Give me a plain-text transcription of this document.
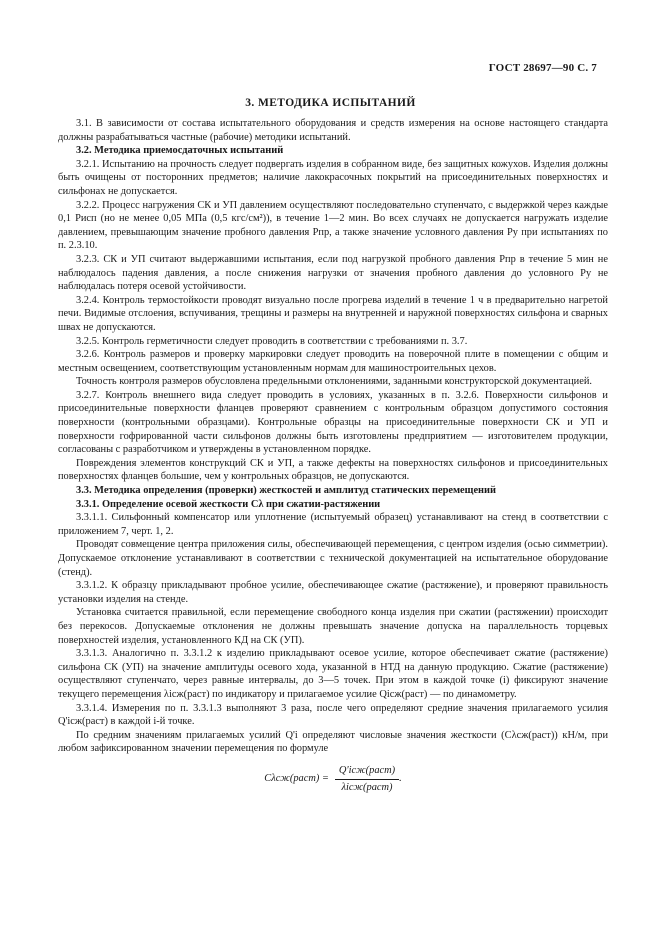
ГОСТ 28697—90 С. 7
3. МЕТОДИКА ИСПЫТАНИЙ

3.1. В зависимости от состава испытательного оборудования и средств измерения на основе настоящего стандарта должны разрабатываться частные (рабочие) методики испытаний.

3.2. Методика приемосдаточных испытаний

3.2.1. Испытанию на прочность следует подвергать изделия в собранном виде, без защитных кожухов. Изделия должны быть очищены от посторонних предметов; наличие лакокрасочных покрытий на присоединительных поверхностях и сильфонах не допускается.

3.2.2. Процесс нагружения СК и УП давлением осуществляют последовательно ступенчато, с выдержкой через каждые 0,1 Pисп (но не менее 0,05 МПа (0,5 кгс/см²)), в течение 1—2 мин. Во всех случаях не допускается нагружать изделие давлением, превышающим значение пробного давления Pпр, а также значение условного давления Pу при испытаниях по п. 2.3.10.

3.2.3. СК и УП считают выдержавшими испытания, если под нагрузкой пробного давления Pпр в течение 5 мин не наблюдалось падения давления, а после снижения нагрузки от значения пробного давления до условного Pу не наблюдалась потеря осевой устойчивости.

3.2.4. Контроль термостойкости проводят визуально после прогрева изделий в течение 1 ч в предварительно нагретой печи. Видимые отслоения, вспучивания, трещины и размеры на внутренней и наружной поверхностях сильфона и сварных швах не допускаются.

3.2.5. Контроль герметичности следует проводить в соответствии с требованиями п. 3.7.

3.2.6. Контроль размеров и проверку маркировки следует проводить на поверочной плите в помещении с общим и местным освещением, соответствующим установленным нормам для машиностроительных цехов.

Точность контроля размеров обусловлена предельными отклонениями, заданными конструкторской документацией.

3.2.7. Контроль внешнего вида следует проводить в условиях, указанных в п. 3.2.6. Поверхности сильфонов и присоединительные поверхности фланцев проверяют сравнением с контрольным образцом допустимого состояния поверхности (контрольными образцами). Контрольные образцы на присоединительные поверхности СК и УП и поверхности гофрированной части сильфонов должны быть изготовлены предприятием — изготовителем продукции, согласованы с разработчиком и утверждены в установленном порядке.

Повреждения элементов конструкций СК и УП, а также дефекты на поверхностях сильфонов и присоединительных поверхностях фланцев большие, чем у контрольных образцов, не допускаются.

3.3. Методика определения (проверки) жесткостей и амплитуд статических перемещений

3.3.1. Определение осевой жесткости Cλ при сжатии-растяжении

3.3.1.1. Сильфонный компенсатор или уплотнение (испытуемый образец) устанавливают на стенд в соответствии с приложением 7, черт. 1, 2.

Проводят совмещение центра приложения силы, обеспечивающей перемещения, с центром изделия (осью симметрии). Допускаемое отклонение устанавливают в соответствии с технической документацией на испытательное оборудование (стенд).

3.3.1.2. К образцу прикладывают пробное усилие, обеспечивающее сжатие (растяжение), и проверяют правильность установки изделия на стенде.

Установка считается правильной, если перемещение свободного конца изделия при сжатии (растяжении) происходит без перекосов. Допускаемые отклонения не должны превышать значение допуска на параллельность торцевых поверхностей изделия, установленного КД на СК (УП).

3.3.1.3. Аналогично п. 3.3.1.2 к изделию прикладывают осевое усилие, которое обеспечивает сжатие (растяжение) сильфона СК (УП) на значение амплитуды осевого хода, указанной в НТД на данную продукцию. Сжатие (растяжение) осуществляют ступенчато, через равные интервалы, до 3—5 точек. При этом в каждой точке (i) фиксируют значение текущего перемещения λiсж(раст) по индикатору и прилагаемое усилие Qiсж(раст) — по динамометру.

3.3.1.4. Измерения по п. 3.3.1.3 выполняют 3 раза, после чего определяют средние значения прилагаемого усилия Q'iсж(раст) в каждой i-й точке.

По средним значениям прилагаемых усилий Q'i определяют числовые значения жесткости (Cλсж(раст)) кН/м, при любом зафиксированном значении перемещения по формуле

Cλсж(раст) = $\frac{\text{Q'iсж(раст)}}{\text{λiсж(раст)}}$ .
